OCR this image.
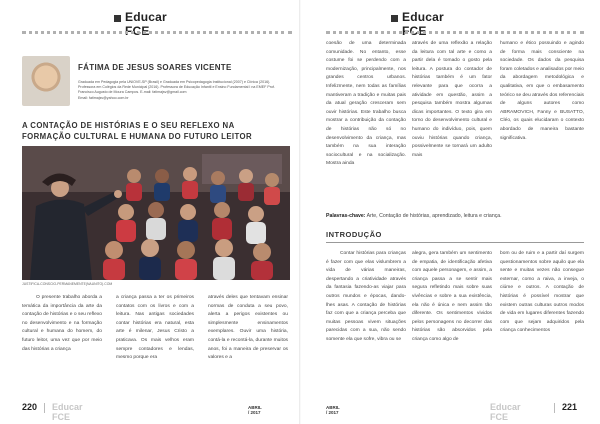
Educar FCE
FÁTIMA DE JESUS SOARES VICENTE
Graduada em Pedagogia pela UNIOVE-SP (Brasil) e Graduada em Psicopedagogia Institucional (2007) e Clínica (2016). Professora em Colégios da Rede Municipal (2016). Professora de Educação Infantil e Ensino Fundamental I na EMEF Prof. Francisco Augusto de Moura Campos. E-mail: fatimajsv@gmail.com
Email: fatimajsv@yahoo.com.br
A CONTAÇÃO DE HISTÓRIAS E O SEU REFLEXO NA FORMAÇÃO CULTURAL E HUMANA DO FUTURO LEITOR
JUSTIFICA-CONSCIO-PERMANEMENTE(NAUNITO).COM
O presente trabalho aborda a temática da importância da arte da contação de histórias e o seu reflexo no desenvolvimento e na formação cultural e humana do homem, do futuro leitor, uma vez que por meio das histórias a criança
a criança passa a ter os primeiros contatos com os livros e com a leitura. Nas antigas sociedades contar histórias era natural, esta arte é milenar, Jesus Cristo a praticava. Os mais velhos eram sempre contadores e lendas, mesmo porque era
através deles que tentavam ensinar normas de conduta a seu povo, alerta a perigos existentes ou simplesmente ensinamentos exemplares. Ouvir uma história, contá-la e recontá-la, durante muitos anos, foi a maneira de preservar os valores e a
220 Educar FCE
ABRIL / 2017
Educar FCE
coesão de uma determinada comunidade. No entanto, esse costume foi se perdendo com a modernização, principalmente, nos grandes centros urbanos. Infelizmente, nem todas as famílias mantiveram a tradição e muitas pais da atual geração cresceram sem ouvir histórias. Este trabalho busca mostrar a contribuição da contação de histórias não só no desenvolvimento da criança, mas também na sua interação sociocultural e na socialização. Mostra ainda
através de uma reflexão a relação da leitura com tal arte e como a partir dela é tomado o gosto pela leitura. A postura do contador de histórias também é um fator relevante para que ocorra a atividade em questão, assim a pesquisa também mostra algumas dicas importantes. O texto gira em torno do desenvolvimento cultural e humano do indivíduo, pois, quem ouviu histórias quando criança, possivelmente se tornará um adulto mais
humano e ético possuindo e agindo de forma mais consciente na sociedade. Os dados da pesquisa foram coletados e analisados por meio da abordagem metodológica e qualitativa, em que o embasamento teórico se deu através dos referenciais de alguns autores como ABRAMOVICH, Fanny e BUSATTO, Cléo, os quais elucidaram o contexto abordado de maneira bastante significativa.
ABRIL / 2017
Educar FCE
221
Palavras-chave: Arte, Contação de histórias, aprendizado, leitura e criança.
INTRODUÇÃO
Contar histórias para crianças é fazer com que elas vislumbrem a vida de várias maneiras, despertando a criatividade através da fantasia fazendo-as viajar para outros mundos e épocas, dando-lhes asas. A contação de histórias faz com que a criança perceba que muitas pessoas vivem situações parecidas com a sua, não sendo somente ela que sofre, vibra ou se
alegra, gera também um sentimento de empatia, de identificação afetiva com aquele personagem, e assim, a criança passa a se sentir mais segura refletindo mais sobre suas vivências e sobre a sua existência, ela não é única e nem assim tão diferente. Os sentimentos vividos pelos personagens no decorrer das histórias são absorvidos pela criança como algo de
bom ou de ruim e a partir daí surgem questionamentos sobre aquilo que ela sente e muitas vezes não consegue externar, como a raiva, a inveja, o ciúme e outros. A contação de histórias é possível mostrar que existem outras culturas outros modos de vida em lugares diferentes fazendo com que sejam adquiridos pela criança conhecimentos
